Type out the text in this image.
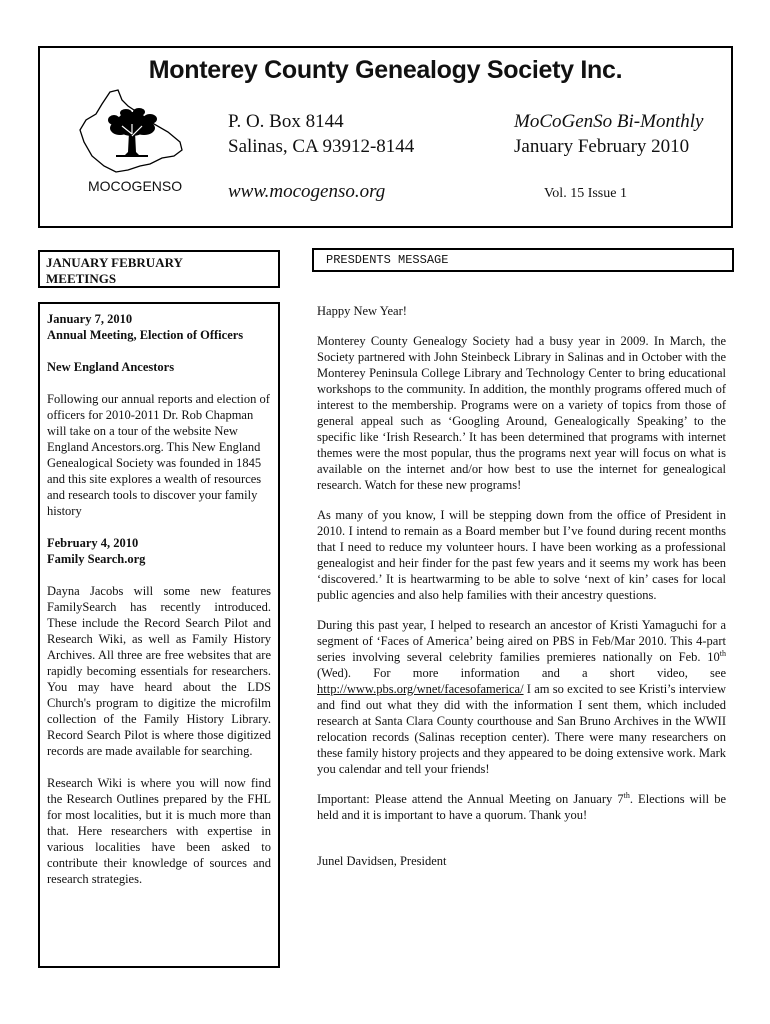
Monterey County Genealogy Society Inc.
MOCOGENSO
P. O. Box 8144
Salinas, CA 93912-8144
www.mocogenso.org
MoCoGenSo Bi-Monthly
January February 2010
Vol. 15 Issue 1
JANUARY FEBRUARY
MEETINGS
PRESDENTS MESSAGE

January 7, 2010
Annual Meeting, Election of Officers

New England Ancestors

Following our annual reports and election of officers for 2010-2011 Dr. Rob Chapman will take on a tour of the website New England Ancestors.org. This New England Genealogical Society was founded in 1845 and this site explores a wealth of resources and research tools to discover your family history

February 4, 2010
Family Search.org

Dayna Jacobs will some new features FamilySearch has recently introduced. These include the Record Search Pilot and Research Wiki, as well as Family History Archives. All three are free websites that are rapidly becoming essentials for researchers. You may have heard about the LDS Church's program to digitize the microfilm collection of the Family History Library. Record Search Pilot is where those digitized records are made available for searching.

Research Wiki is where you will now find the Research Outlines prepared by the FHL for most localities, but it is much more than that. Here researchers with expertise in various localities have been asked to contribute their knowledge of sources and research strategies.

Happy New Year!

Monterey County Genealogy Society had a busy year in 2009. In March, the Society partnered with John Steinbeck Library in Salinas and in October with the Monterey Peninsula College Library and Technology Center to bring educational workshops to the community. In addition, the monthly programs offered much of interest to the membership. Programs were on a variety of topics from those of general appeal such as ‘Googling Around, Genealogically Speaking’ to the specific like ‘Irish Research.’ It has been determined that programs with internet themes were the most popular, thus the programs next year will focus on what is available on the internet and/or how best to use the internet for genealogical research. Watch for these new programs!

As many of you know, I will be stepping down from the office of President in 2010. I intend to remain as a Board member but I’ve found during recent months that I need to reduce my volunteer hours. I have been working as a professional genealogist and heir finder for the past few years and it seems my work has been ‘discovered.’ It is heartwarming to be able to solve ‘next of kin’ cases for local public agencies and also help families with their ancestry questions.

During this past year, I helped to research an ancestor of Kristi Yamaguchi for a segment of ‘Faces of America’ being aired on PBS in Feb/Mar 2010. This 4-part series involving several celebrity families premieres nationally on Feb. 10th (Wed). For more information and a short video, see http://www.pbs.org/wnet/facesofamerica/ I am so excited to see Kristi’s interview and find out what they did with the information I sent them, which included research at Santa Clara County courthouse and San Bruno Archives in the WWII relocation records (Salinas reception center). There were many researchers on these family history projects and they appeared to be doing extensive work. Mark you calendar and tell your friends!

Important: Please attend the Annual Meeting on January 7th. Elections will be held and it is important to have a quorum. Thank you!

Junel Davidsen, President
